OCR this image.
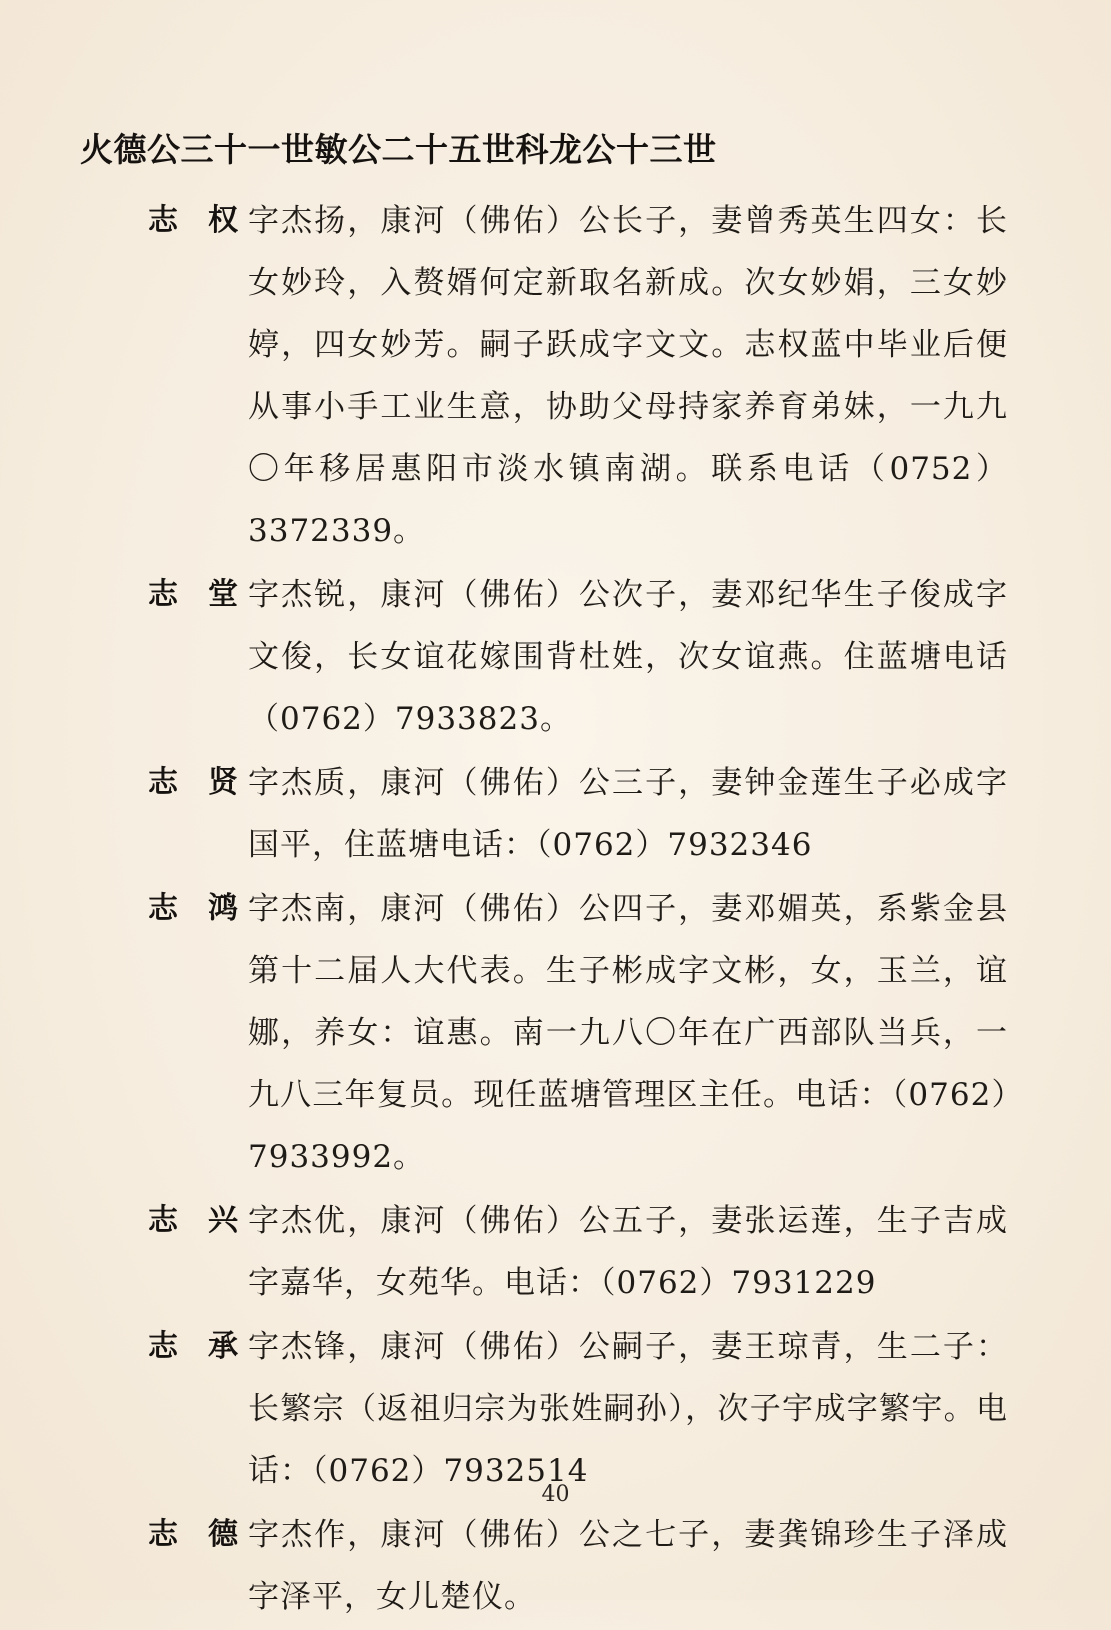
火德公三十一世敏公二十五世科龙公十三世
志权
字杰扬，康河（佛佑）公长子，妻曾秀英生四女：长女妙玲，入赘婿何定新取名新成。次女妙娟，三女妙婷，四女妙芳。嗣子跃成字文文。志权蓝中毕业后便从事小手工业生意，协助父母持家养育弟妹，一九九〇年移居惠阳市淡水镇南湖。联系电话（0752）3372339。
志堂
字杰锐，康河（佛佑）公次子，妻邓纪华生子俊成字文俊，长女谊花嫁围背杜姓，次女谊燕。住蓝塘电话（0762）7933823。
志贤
字杰质，康河（佛佑）公三子，妻钟金莲生子必成字国平，住蓝塘电话：（0762）7932346
志鸿
字杰南，康河（佛佑）公四子，妻邓媚英，系紫金县第十二届人大代表。生子彬成字文彬，女，玉兰，谊娜，养女：谊惠。南一九八〇年在广西部队当兵，一九八三年复员。现任蓝塘管理区主任。电话：（0762）7933992。
志兴
字杰优，康河（佛佑）公五子，妻张运莲，生子吉成字嘉华，女苑华。电话：（0762）7931229
志承
字杰锋，康河（佛佑）公嗣子，妻王琼青，生二子：长繁宗（返祖归宗为张姓嗣孙），次子宇成字繁宇。电话：（0762）7932514
志德
字杰作，康河（佛佑）公之七子，妻龚锦珍生子泽成字泽平，女儿楚仪。
40
